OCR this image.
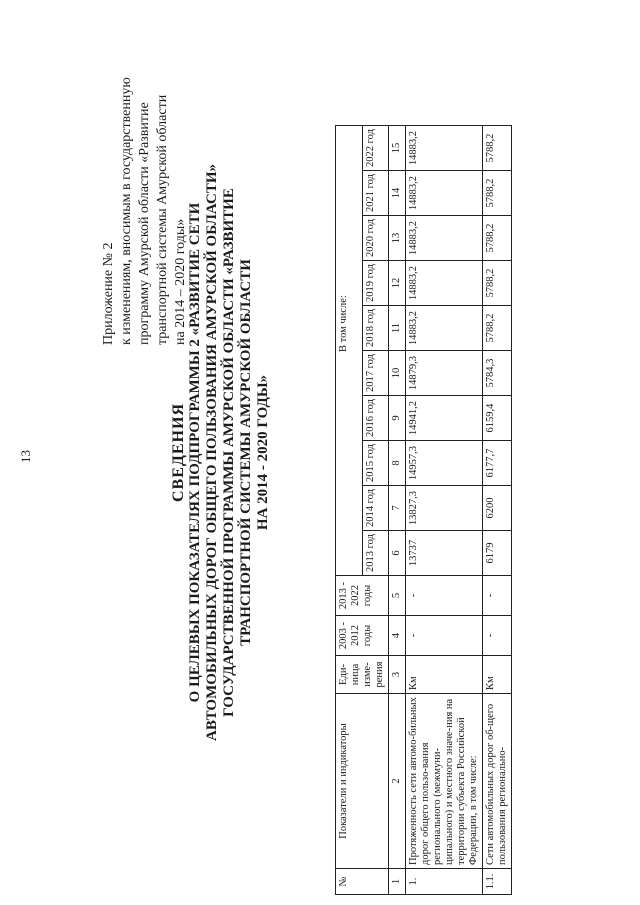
13
Приложение № 2 к изменениям, вносимым в государственную программу Амурской области «Развитие транспортной системы Амурской области на 2014 – 2020 годы»
СВЕДЕНИЯ О ЦЕЛЕВЫХ ПОКАЗАТЕЛЯХ ПОДПРОГРАММЫ 2 «РАЗВИТИЕ СЕТИ АВТОМОБИЛЬНЫХ ДОРОГ ОБЩЕГО ПОЛЬЗОВАНИЯ АМУРСКОЙ ОБЛАСТИ» ГОСУДАРСТВЕННОЙ ПРОГРАММЫ АМУРСКОЙ ОБЛАСТИ «РАЗВИТИЕ ТРАНСПОРТНОЙ СИСТЕМЫ АМУРСКОЙ ОБЛАСТИ НА 2014 - 2020 ГОДЫ»
№	Показатели и индикаторы	Еди-ница изме-рения	2003 - 2012 годы	2013 - 2022 годы	В том числе:									
					2013 год	2014 год	2015 год	2016 год	2017 год	2018 год	2019 год	2020 год	2021 год	2022 год
1	2	3	4	5	6	7	8	9	10	11	12	13	14	15
1.	Протяженность сети автомо-бильных дорог общего пользо-вания регионального (межмуни-ципального) и местного значе-ния на территории субъекта Российской Федерации, в том числе:	Км	-	-	13737	13827,3	14957,3	14941,2	14879,3	14883,2	14883,2	14883,2	14883,2	14883,2
1.1.	Сети автомобильных дорог об-щего пользования регионально-	Км	-	-	6179	6200	6177,7	6159,4	5784,3	5788,2	5788,2	5788,2	5788,2	5788,2
